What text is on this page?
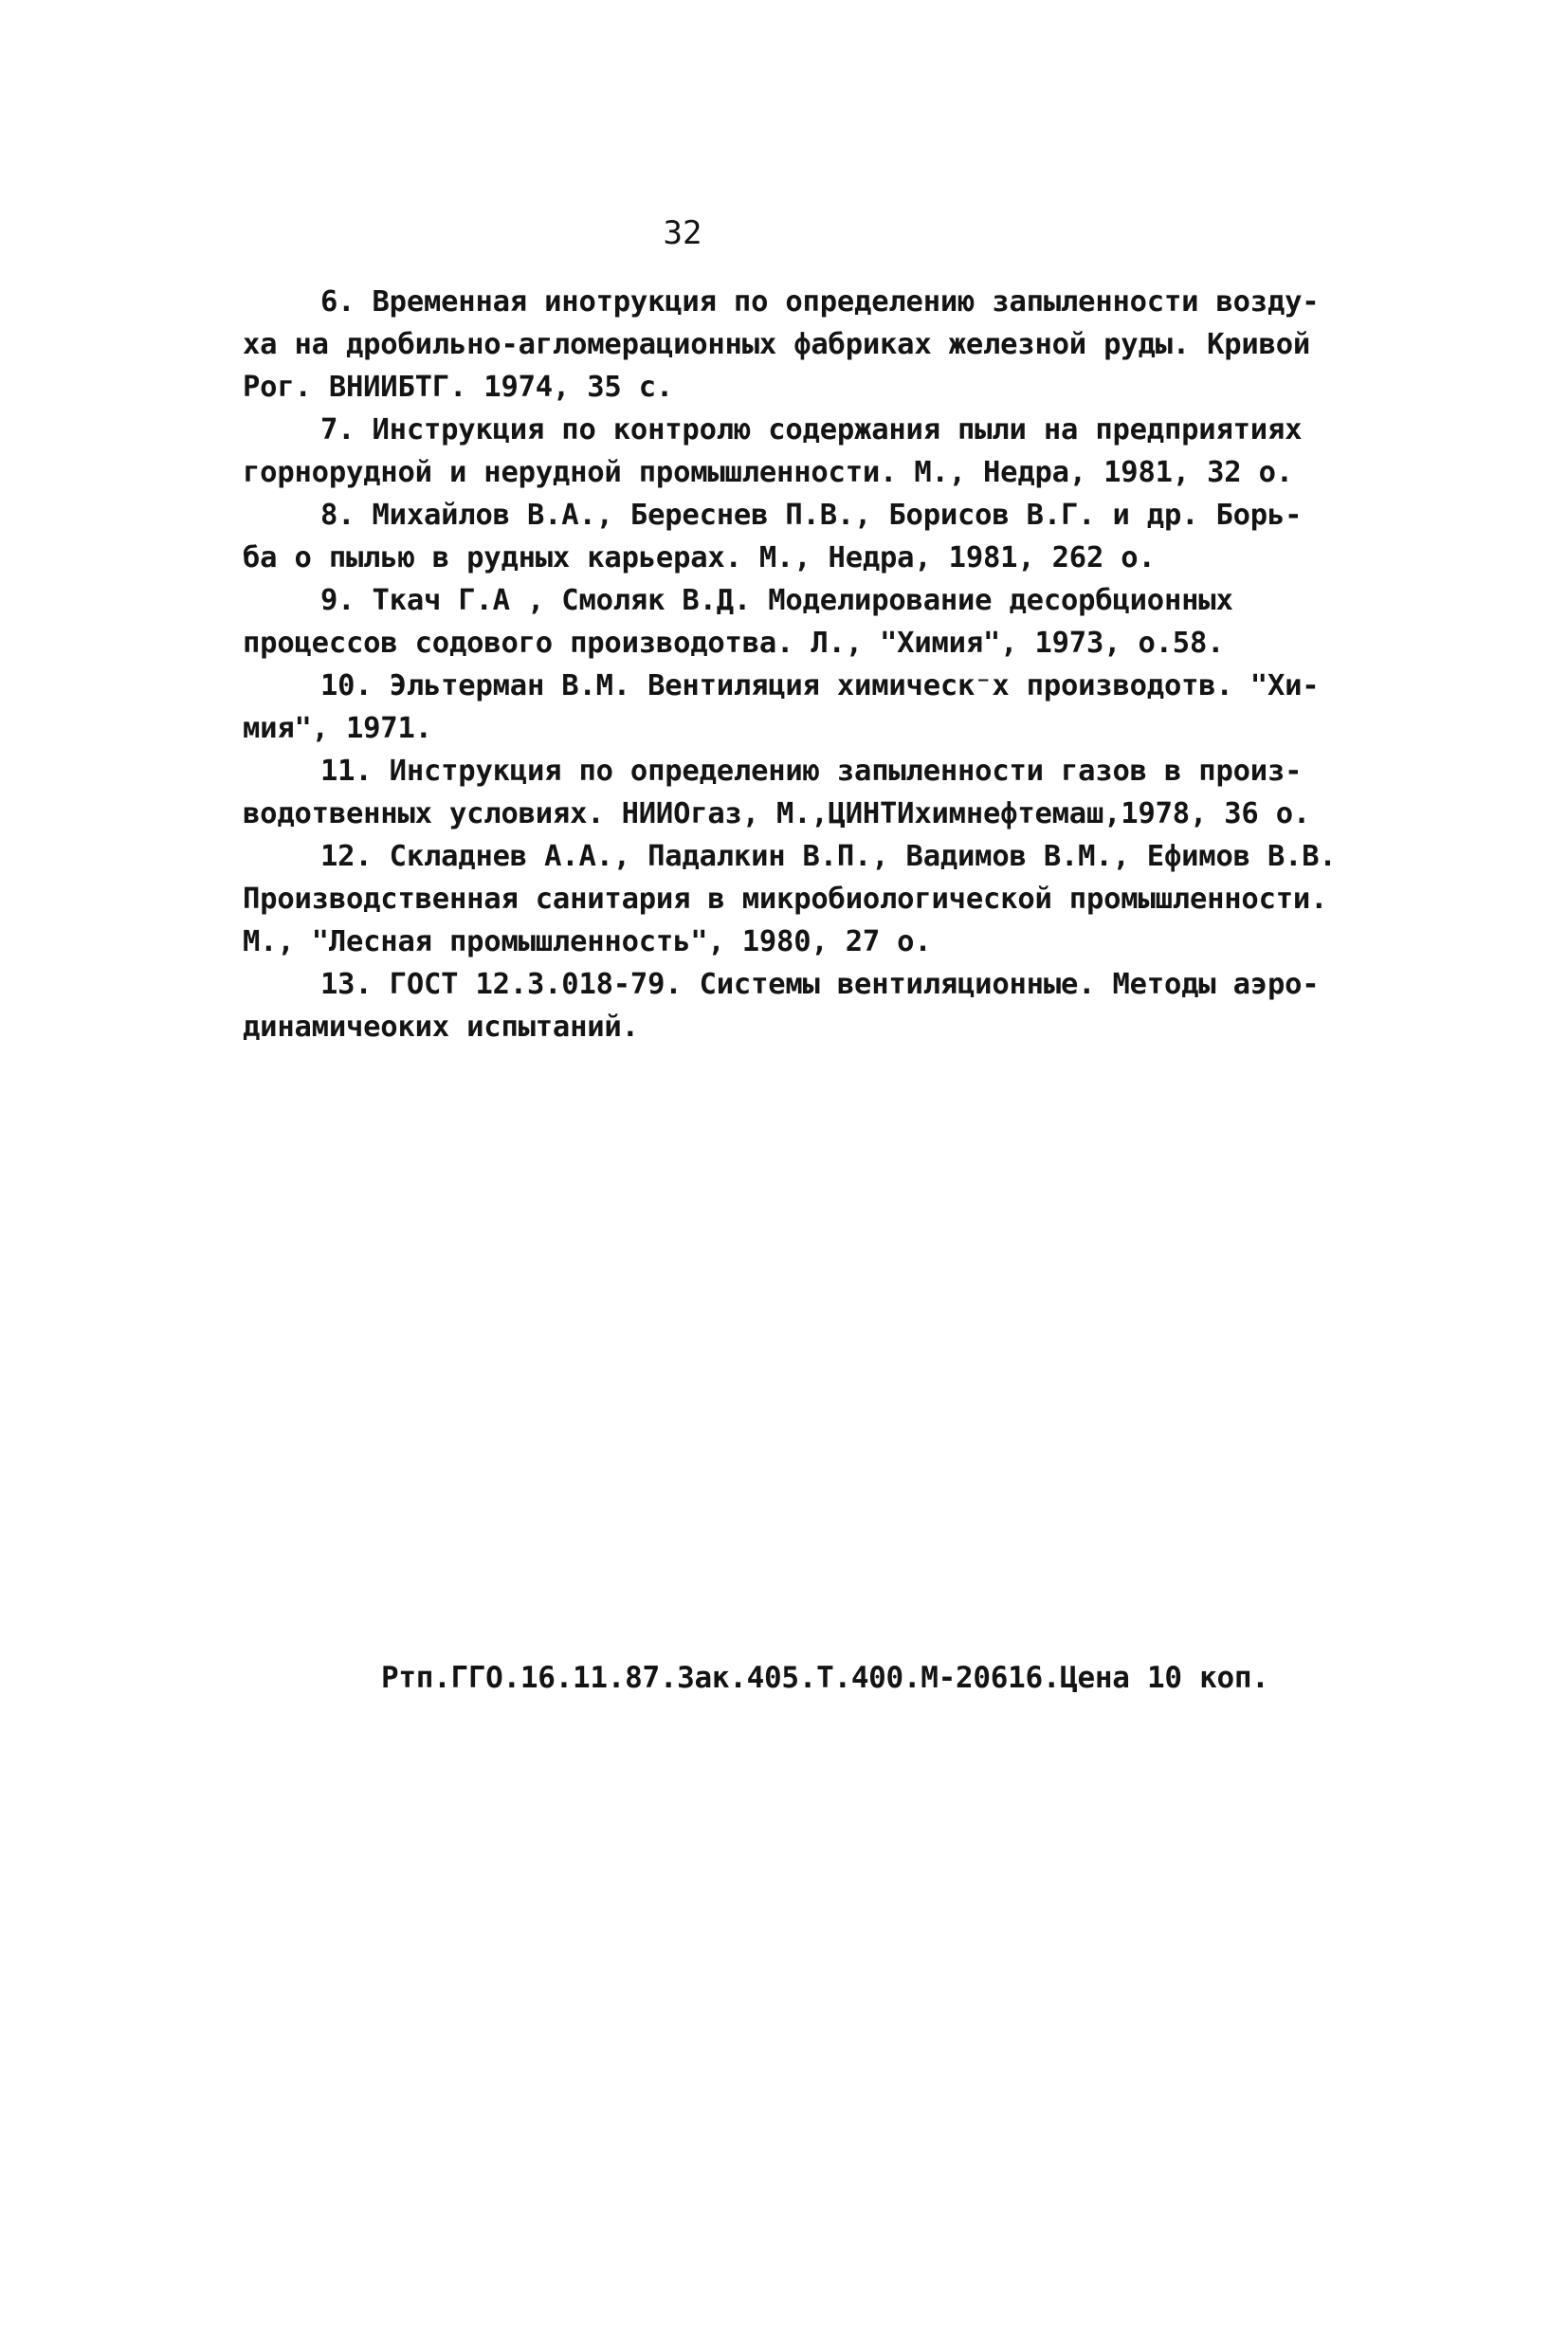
32
6. Временная инотрукция по определению запыленности возду-
ха на дробильно-агломерационных фабриках железной руды. Кривой
Рог. ВНИИБТГ. 1974, 35 с.
7. Инструкция по контролю содержания пыли на предприятиях
горнорудной и нерудной промышленности. М., Недра, 1981, 32 о.
8. Михайлов В.А., Береснев П.В., Борисов В.Г. и др. Борь-
ба о пылью в рудных карьерах. М., Недра, 1981, 262 о.
9. Ткач Г.А , Смоляк В.Д. Моделирование десорбционных
процессов содового производотва. Л., "Химия", 1973, о.58.
10. Эльтерман В.М. Вентиляция химическ⁻х производотв. "Хи-
мия", 1971.
11. Инструкция по определению запыленности газов в произ-
водотвенных условиях. НИИОгаз, М.,ЦИНТИхимнефтемаш,1978, 36 о.
12. Складнев А.А., Падалкин В.П., Вадимов В.М., Ефимов В.В.
Производственная санитария в микробиологической промышленности.
М., "Лесная промышленность", 1980, 27 о.
13. ГОСТ 12.3.018-79. Системы вентиляционные. Методы аэро-
динамичеоких испытаний.
Ртп.ГГО.16.11.87.Зак.405.Т.400.М-20616.Цена 10 коп.
